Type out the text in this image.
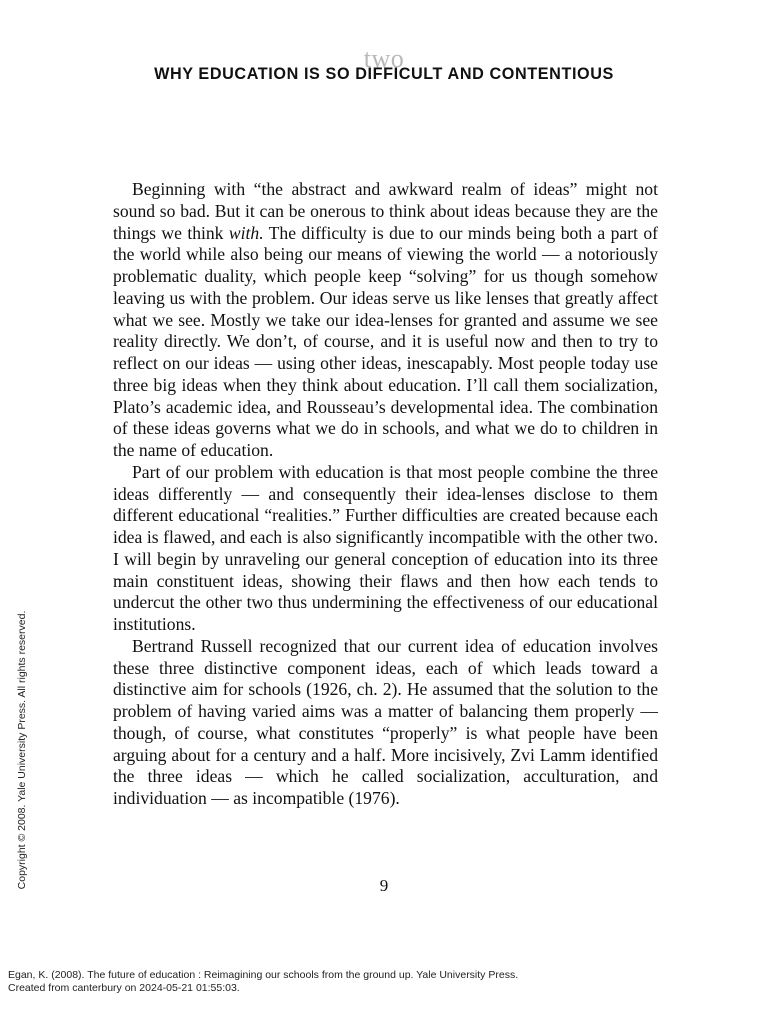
two
WHY EDUCATION IS SO DIFFICULT AND CONTENTIOUS

Beginning with “the abstract and awkward realm of ideas” might not sound so bad. But it can be onerous to think about ideas because they are the things we think with. The difficulty is due to our minds being both a part of the world while also being our means of viewing the world — a notoriously problematic duality, which people keep “solving” for us though somehow leaving us with the problem. Our ideas serve us like lenses that greatly affect what we see. Mostly we take our idea-lenses for granted and assume we see reality directly. We don’t, of course, and it is useful now and then to try to reflect on our ideas — using other ideas, inescapably. Most people today use three big ideas when they think about education. I’ll call them socialization, Plato’s academic idea, and Rousseau’s developmental idea. The combination of these ideas governs what we do in schools, and what we do to children in the name of education.

Part of our problem with education is that most people combine the three ideas differently — and consequently their idea-lenses disclose to them different educational “realities.” Further difficulties are created because each idea is flawed, and each is also significantly incompatible with the other two. I will begin by unraveling our general conception of education into its three main constituent ideas, showing their flaws and then how each tends to undercut the other two thus undermining the effectiveness of our educational institutions.

Bertrand Russell recognized that our current idea of education involves these three distinctive component ideas, each of which leads toward a distinctive aim for schools (1926, ch. 2). He assumed that the solution to the problem of having varied aims was a matter of balancing them properly — though, of course, what constitutes “properly” is what people have been arguing about for a century and a half. More incisively, Zvi Lamm identified the three ideas — which he called socialization, acculturation, and individuation — as incompatible (1976).

9
Copyright © 2008. Yale University Press. All rights reserved.
Egan, K. (2008). The future of education : Reimagining our schools from the ground up. Yale University Press.
Created from canterbury on 2024-05-21 01:55:03.
